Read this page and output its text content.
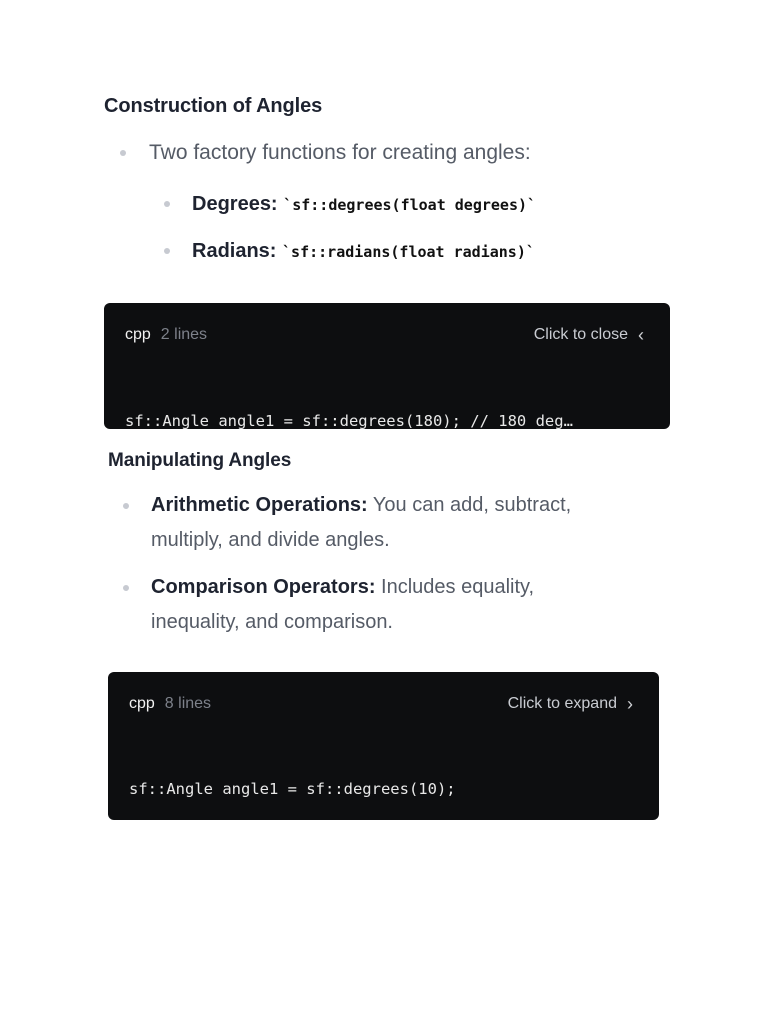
Construction of Angles
Two factory functions for creating angles:
Degrees: `sf::degrees(float degrees)`
Radians: `sf::radians(float radians)`
cpp 2 lines	Click to close ‹

sf::Angle angle1 = sf::degrees(180); // 180 deg…

Manipulating Angles
Arithmetic Operations: You can add, subtract,
multiply, and divide angles.
Comparison Operators: Includes equality,
inequality, and comparison.
cpp 8 lines	Click to expand ›

sf::Angle angle1 = sf::degrees(10);
